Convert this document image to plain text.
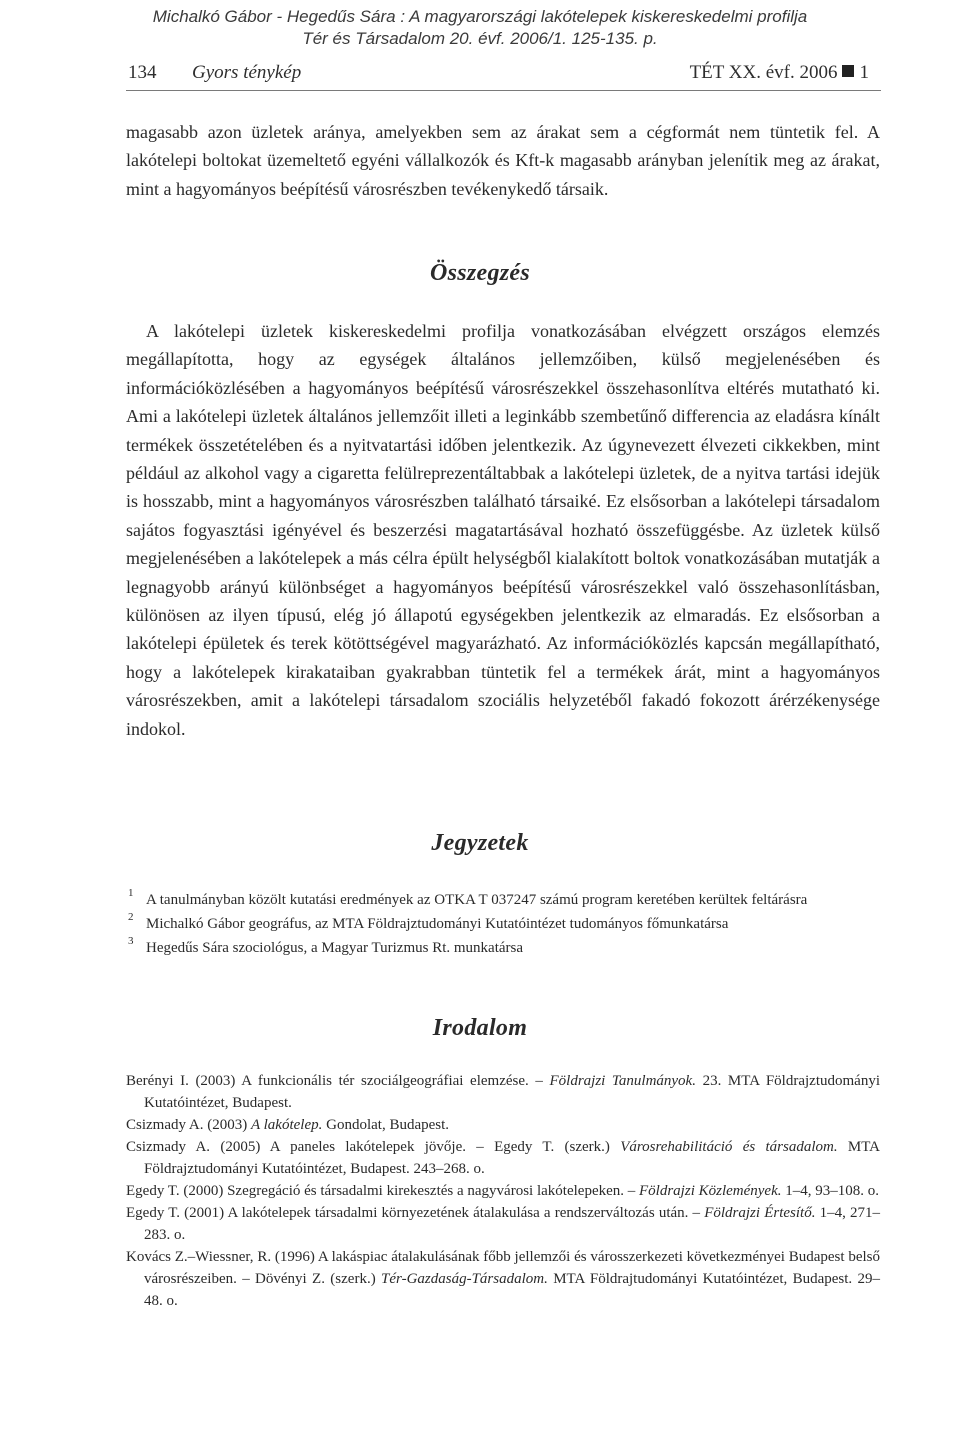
Michalkó Gábor - Hegedűs Sára : A magyarországi lakótelepek kiskereskedelmi profilja
Tér és Társadalom 20. évf. 2006/1. 125-135. p.
134 Gyors ténykép	TÉT XX. évf. 2006 1

magasabb azon üzletek aránya, amelyekben sem az árakat sem a cégformát nem tüntetik fel. A lakótelepi boltokat üzemeltető egyéni vállalkozók és Kft-k magasabb arányban jelenítik meg az árakat, mint a hagyományos beépítésű városrészben tevékenykedő társaik.

Összegzés

A lakótelepi üzletek kiskereskedelmi profilja vonatkozásában elvégzett országos elemzés megállapította, hogy az egységek általános jellemzőiben, külső megjelenésében és információközlésében a hagyományos beépítésű városrészekkel összehasonlítva eltérés mutatható ki. Ami a lakótelepi üzletek általános jellemzőit illeti a leginkább szembetűnő differencia az eladásra kínált termékek összetételében és a nyitvatartási időben jelentkezik. Az úgynevezett élvezeti cikkekben, mint például az alkohol vagy a cigaretta felülreprezentáltabbak a lakótelepi üzletek, de a nyitva tartási idejük is hosszabb, mint a hagyományos városrészben található társaiké. Ez elsősorban a lakótelepi társadalom sajátos fogyasztási igényével és beszerzési magatartásával hozható összefüggésbe. Az üzletek külső megjelenésében a lakótelepek a más célra épült helységből kialakított boltok vonatkozásában mutatják a legnagyobb arányú különbséget a hagyományos beépítésű városrészekkel való összehasonlításban, különösen az ilyen típusú, elég jó állapotú egységekben jelentkezik az elmaradás. Ez elsősorban a lakótelepi épületek és terek kötöttségével magyarázható. Az információközlés kapcsán megállapítható, hogy a lakótelepek kirakataiban gyakrabban tüntetik fel a termékek árát, mint a hagyományos városrészekben, amit a lakótelepi társadalom szociális helyzetéből fakadó fokozott árérzékenysége indokol.

Jegyzetek
1 A tanulmányban közölt kutatási eredmények az OTKA T 037247 számú program keretében kerültek feltárásra
2 Michalkó Gábor geográfus, az MTA Földrajztudományi Kutatóintézet tudományos főmunkatársa
3 Hegedűs Sára szociológus, a Magyar Turizmus Rt. munkatársa
Irodalom
Berényi I. (2003) A funkcionális tér szociálgeográfiai elemzése. – Földrajzi Tanulmányok. 23. MTA Földrajztudományi Kutatóintézet, Budapest.
Csizmady A. (2003) A lakótelep. Gondolat, Budapest.
Csizmady A. (2005) A paneles lakótelepek jövője. – Egedy T. (szerk.) Városrehabilitáció és társadalom. MTA Földrajztudományi Kutatóintézet, Budapest. 243–268. o.
Egedy T. (2000) Szegregáció és társadalmi kirekesztés a nagyvárosi lakótelepeken. – Földrajzi Közlemények. 1–4, 93–108. o.
Egedy T. (2001) A lakótelepek társadalmi környezetének átalakulása a rendszerváltozás után. – Földrajzi Értesítő. 1–4, 271–283. o.
Kovács Z.–Wiessner, R. (1996) A lakáspiac átalakulásának főbb jellemzői és városszerkezeti következményei Budapest belső városrészeiben. – Dövényi Z. (szerk.) Tér-Gazdaság-Társadalom. MTA Földrajtudományi Kutatóintézet, Budapest. 29–48. o.
